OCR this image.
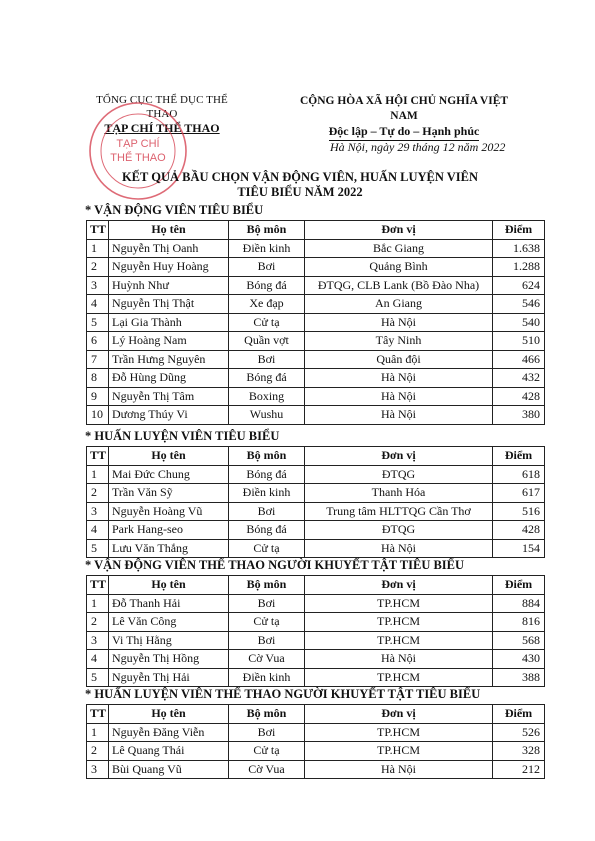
TỔNG CỤC THỂ DỤC THỂ THAO
TẠP CHÍ THỂ THAO
CỘNG HÒA XÃ HỘI CHỦ NGHĨA VIỆT NAM
Độc lập – Tự do – Hạnh phúc
Hà Nội, ngày 29 tháng 12 năm 2022
TẠP CHÍ
THỂ THAO
KẾT QUẢ BẦU CHỌN VẬN ĐỘNG VIÊN, HUẤN LUYỆN VIÊN
TIÊU BIỂU NĂM 2022
* VẬN ĐỘNG VIÊN TIÊU BIỂU
TT	Họ tên	Bộ môn	Đơn vị	Điểm
1	Nguyễn Thị Oanh	Điền kinh	Bắc Giang	1.638
2	Nguyễn Huy Hoàng	Bơi	Quảng Bình	1.288
3	Huỳnh Như	Bóng đá	ĐTQG, CLB Lank (Bồ Đào Nha)	624
4	Nguyễn Thị Thật	Xe đạp	An Giang	546
5	Lại Gia Thành	Cử tạ	Hà Nội	540
6	Lý Hoàng Nam	Quần vợt	Tây Ninh	510
7	Trần Hưng Nguyên	Bơi	Quân đội	466
8	Đỗ Hùng Dũng	Bóng đá	Hà Nội	432
9	Nguyễn Thị Tâm	Boxing	Hà Nội	428
10	Dương Thúy Vi	Wushu	Hà Nội	380
* HUẤN LUYỆN VIÊN TIÊU BIỂU
TT	Họ tên	Bộ môn	Đơn vị	Điểm
1	Mai Đức Chung	Bóng đá	ĐTQG	618
2	Trần Văn Sỹ	Điền kinh	Thanh Hóa	617
3	Nguyễn Hoàng Vũ	Bơi	Trung tâm HLTTQG Cần Thơ	516
4	Park Hang-seo	Bóng đá	ĐTQG	428
5	Lưu Văn Thắng	Cử tạ	Hà Nội	154
* VẬN ĐỘNG VIÊN THỂ THAO NGƯỜI KHUYẾT TẬT TIÊU BIỂU
TT	Họ tên	Bộ môn	Đơn vị	Điểm
1	Đỗ Thanh Hải	Bơi	TP.HCM	884
2	Lê Văn Công	Cử tạ	TP.HCM	816
3	Vi Thị Hằng	Bơi	TP.HCM	568
4	Nguyễn Thị Hồng	Cờ Vua	Hà Nội	430
5	Nguyễn Thị Hải	Điền kinh	TP.HCM	388
* HUẤN LUYỆN VIÊN THỂ THAO NGƯỜI KHUYẾT TẬT TIÊU BIỂU
TT	Họ tên	Bộ môn	Đơn vị	Điểm
1	Nguyễn Đăng Viễn	Bơi	TP.HCM	526
2	Lê Quang Thái	Cử tạ	TP.HCM	328
3	Bùi Quang Vũ	Cờ Vua	Hà Nội	212
